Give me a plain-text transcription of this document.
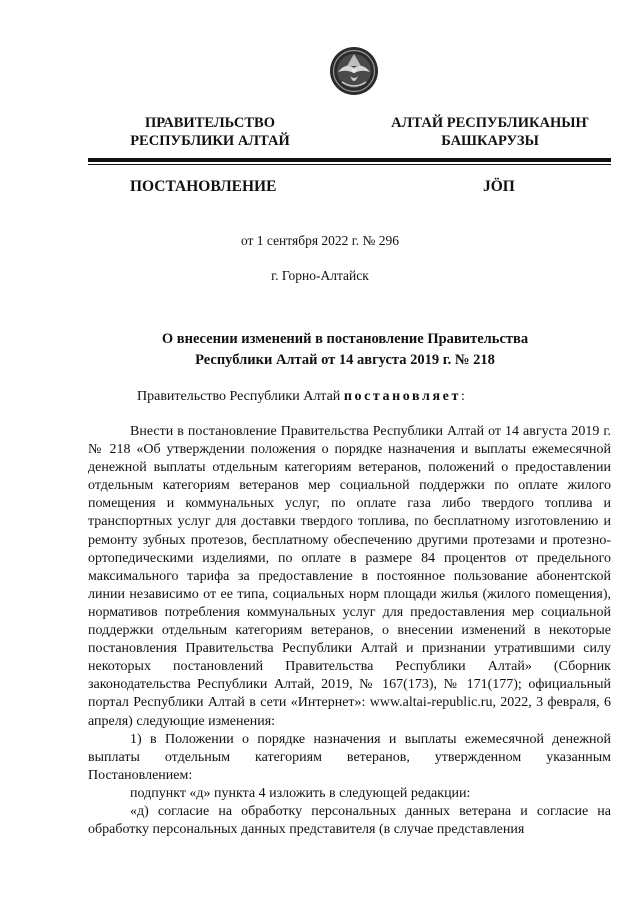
ПРАВИТЕЛЬСТВО
РЕСПУБЛИКИ АЛТАЙ
АЛТАЙ РЕСПУБЛИКАНЫҤ
БАШКАРУЗЫ
ПОСТАНОВЛЕНИЕ	JÖП
от 1 сентября 2022 г. № 296
г. Горно-Алтайск
О внесении изменений в постановление Правительства
Республики Алтай от 14 августа 2019 г. № 218
Правительство Республики Алтай постановляет:

Внести в постановление Правительства Республики Алтай от 14 августа 2019 г. № 218 «Об утверждении положения о порядке назначения и выплаты ежемесячной денежной выплаты отдельным категориям ветеранов, положений о предоставлении отдельным категориям ветеранов мер социальной поддержки по оплате жилого помещения и коммунальных услуг, по оплате газа либо твердого топлива и транспортных услуг для доставки твердого топлива, по бесплатному изготовлению и ремонту зубных протезов, бесплатному обеспечению другими протезами и протезно-ортопедическими изделиями, по оплате в размере 84 процентов от предельного максимального тарифа за предоставление в постоянное пользование абонентской линии независимо от ее типа, социальных норм площади жилья (жилого помещения), нормативов потребления коммунальных услуг для предоставления мер социальной поддержки отдельным категориям ветеранов, о внесении изменений в некоторые постановления Правительства Республики Алтай и признании утратившими силу некоторых постановлений Правительства Республики Алтай» (Сборник законодательства Республики Алтай, 2019, № 167(173), № 171(177); официальный портал Республики Алтай в сети «Интернет»: www.altai-republic.ru, 2022, 3 февраля, 6 апреля) следующие изменения:

1) в Положении о порядке назначения и выплаты ежемесячной денежной выплаты отдельным категориям ветеранов, утвержденном указанным Постановлением:

подпункт «д» пункта 4 изложить в следующей редакции:

«д) согласие на обработку персональных данных ветерана и согласие на обработку персональных данных представителя (в случае представления
